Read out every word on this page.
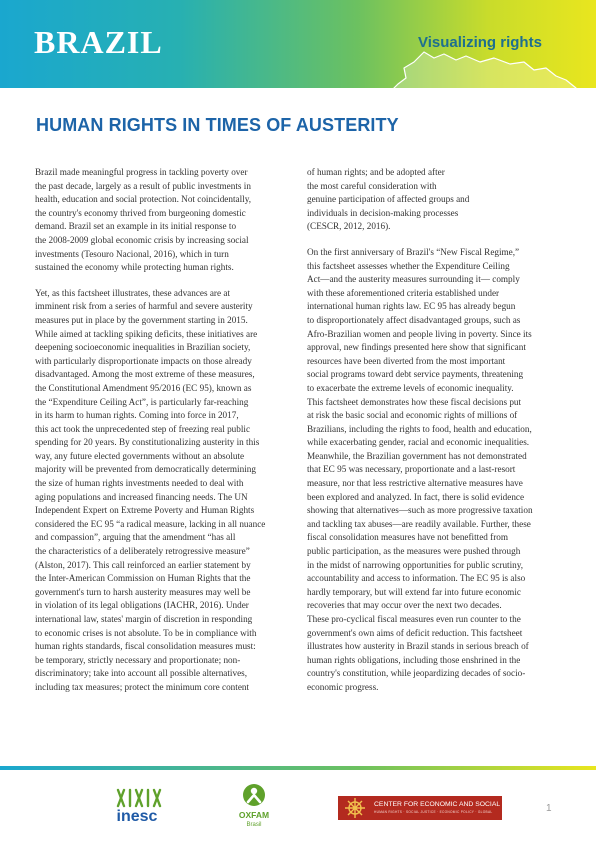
BRAZIL	Visualizing rights
HUMAN RIGHTS IN TIMES OF AUSTERITY

Brazil made meaningful progress in tackling poverty over
the past decade, largely as a result of public investments in
health, education and social protection. Not coincidentally,
the country's economy thrived from burgeoning domestic
demand. Brazil set an example in its initial response to
the 2008-2009 global economic crisis by increasing social
investments (Tesouro Nacional, 2016), which in turn
sustained the economy while protecting human rights.

Yet, as this factsheet illustrates, these advances are at
imminent risk from a series of harmful and severe austerity
measures put in place by the government starting in 2015.
While aimed at tackling spiking deficits, these initiatives are
deepening socioeconomic inequalities in Brazilian society,
with particularly disproportionate impacts on those already
disadvantaged. Among the most extreme of these measures,
the Constitutional Amendment 95/2016 (EC 95), known as
the “Expenditure Ceiling Act”, is particularly far-reaching
in its harm to human rights. Coming into force in 2017,
this act took the unprecedented step of freezing real public
spending for 20 years. By constitutionalizing austerity in this
way, any future elected governments without an absolute
majority will be prevented from democratically determining
the size of human rights investments needed to deal with
aging populations and increased financing needs. The UN
Independent Expert on Extreme Poverty and Human Rights
considered the EC 95 “a radical measure, lacking in all nuance
and compassion”, arguing that the amendment “has all
the characteristics of a deliberately retrogressive measure”
(Alston, 2017). This call reinforced an earlier statement by
the Inter-American Commission on Human Rights that the
government's turn to harsh austerity measures may well be
in violation of its legal obligations (IACHR, 2016). Under
international law, states' margin of discretion in responding
to economic crises is not absolute. To be in compliance with
human rights standards, fiscal consolidation measures must:
be temporary, strictly necessary and proportionate; non-
discriminatory; take into account all possible alternatives,
including tax measures; protect the minimum core content

of human rights; and be adopted after
the most careful consideration with
genuine participation of affected groups and
individuals in decision-making processes
(CESCR, 2012, 2016).

On the first anniversary of Brazil's “New Fiscal Regime,”
this factsheet assesses whether the Expenditure Ceiling
Act—and the austerity measures surrounding it— comply
with these aforementioned criteria established under
international human rights law. EC 95 has already begun
to disproportionately affect disadvantaged groups, such as
Afro-Brazilian women and people living in poverty. Since its
approval, new findings presented here show that significant
resources have been diverted from the most important
social programs toward debt service payments, threatening
to exacerbate the extreme levels of economic inequality.
This factsheet demonstrates how these fiscal decisions put
at risk the basic social and economic rights of millions of
Brazilians, including the rights to food, health and education,
while exacerbating gender, racial and economic inequalities.
Meanwhile, the Brazilian government has not demonstrated
that EC 95 was necessary, proportionate and a last-resort
measure, nor that less restrictive alternative measures have
been explored and analyzed. In fact, there is solid evidence
showing that alternatives—such as more progressive taxation
and tackling tax abuses—are readily available. Further, these
fiscal consolidation measures have not benefitted from
public participation, as the measures were pushed through
in the midst of narrowing opportunities for public scrutiny,
accountability and access to information. The EC 95 is also
hardly temporary, but will extend far into future economic
recoveries that may occur over the next two decades.
These pro-cyclical fiscal measures even run counter to the
government's own aims of deficit reduction. This factsheet
illustrates how austerity in Brazil stands in serious breach of
human rights obligations, including those enshrined in the
country's constitution, while jeopardizing decades of socio-
economic progress.

inesc	OXFAM
Brasil
CENTER FOR ECONOMIC AND SOCIAL RIGHTS
HUMAN RIGHTS · SOCIAL JUSTICE · ECONOMIC POLICY · GLOBAL	1
